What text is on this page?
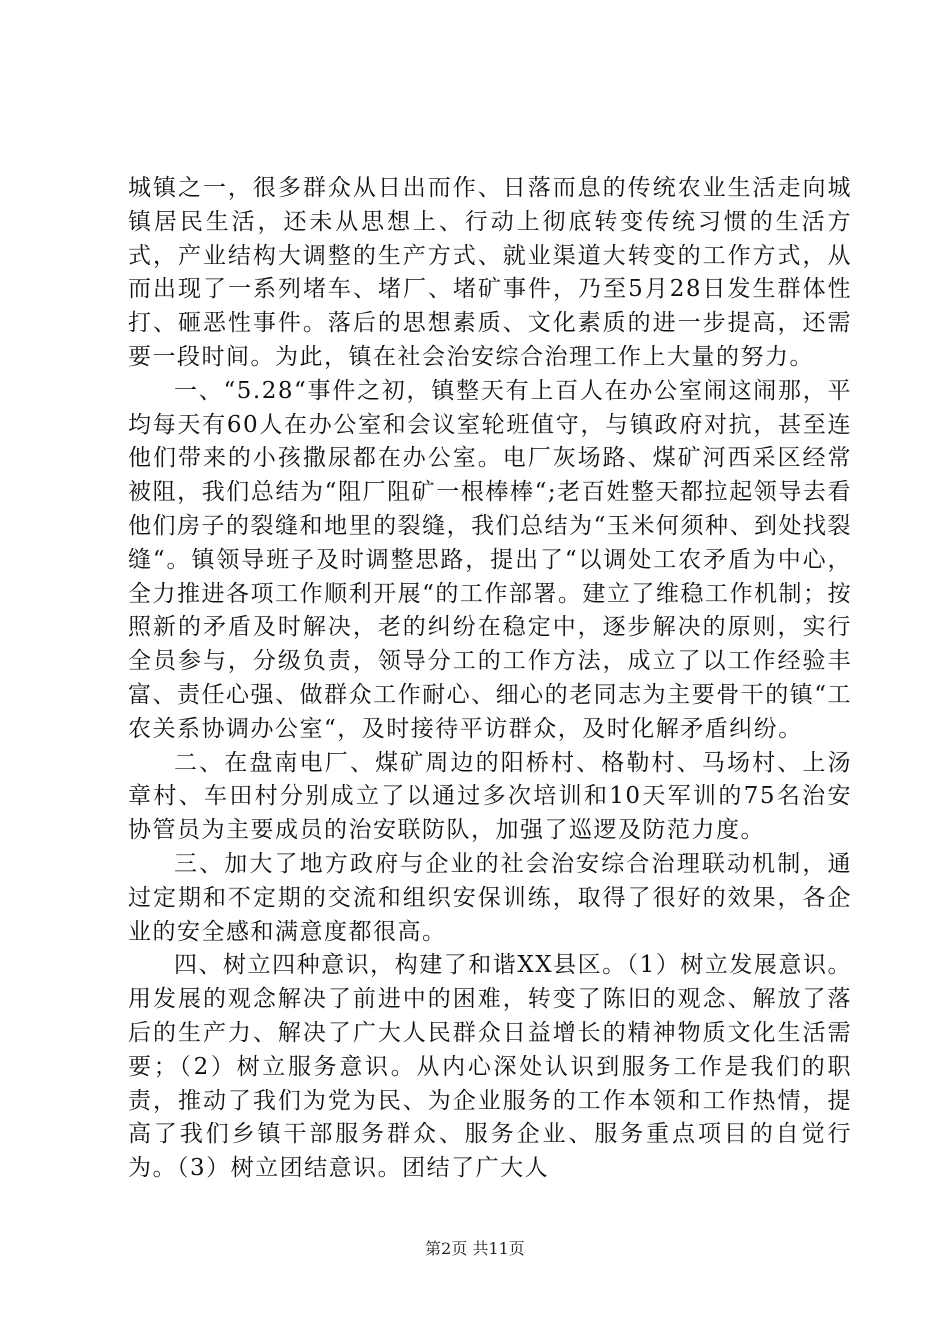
城镇之一，很多群众从日出而作、日落而息的传统农业生活走向城镇居民生活，还未从思想上、行动上彻底转变传统习惯的生活方式，产业结构大调整的生产方式、就业渠道大转变的工作方式，从而出现了一系列堵车、堵厂、堵矿事件，乃至5月28日发生群体性打、砸恶性事件。落后的思想素质、文化素质的进一步提高，还需要一段时间。为此，镇在社会治安综合治理工作上大量的努力。

一、“5.28“事件之初，镇整天有上百人在办公室闹这闹那，平均每天有60人在办公室和会议室轮班值守，与镇政府对抗，甚至连他们带来的小孩撒尿都在办公室。电厂灰场路、煤矿河西采区经常被阻，我们总结为“阻厂阻矿一根棒棒“;老百姓整天都拉起领导去看他们房子的裂缝和地里的裂缝，我们总结为“玉米何须种、到处找裂缝“。镇领导班子及时调整思路，提出了“以调处工农矛盾为中心，全力推进各项工作顺利开展“的工作部署。建立了维稳工作机制；按照新的矛盾及时解决，老的纠纷在稳定中，逐步解决的原则，实行全员参与，分级负责，领导分工的工作方法，成立了以工作经验丰富、责任心强、做群众工作耐心、细心的老同志为主要骨干的镇“工农关系协调办公室“，及时接待平访群众，及时化解矛盾纠纷。

二、在盘南电厂、煤矿周边的阳桥村、格勒村、马场村、上汤章村、车田村分别成立了以通过多次培训和10天军训的75名治安协管员为主要成员的治安联防队，加强了巡逻及防范力度。

三、加大了地方政府与企业的社会治安综合治理联动机制，通过定期和不定期的交流和组织安保训练，取得了很好的效果，各企业的安全感和满意度都很高。

四、树立四种意识，构建了和谐XX县区。（1）树立发展意识。用发展的观念解决了前进中的困难，转变了陈旧的观念、解放了落后的生产力、解决了广大人民群众日益增长的精神物质文化生活需要；（2）树立服务意识。从内心深处认识到服务工作是我们的职责，推动了我们为党为民、为企业服务的工作本领和工作热情，提高了我们乡镇干部服务群众、服务企业、服务重点项目的自觉行为。（3）树立团结意识。团结了广大人

第2页 共11页
